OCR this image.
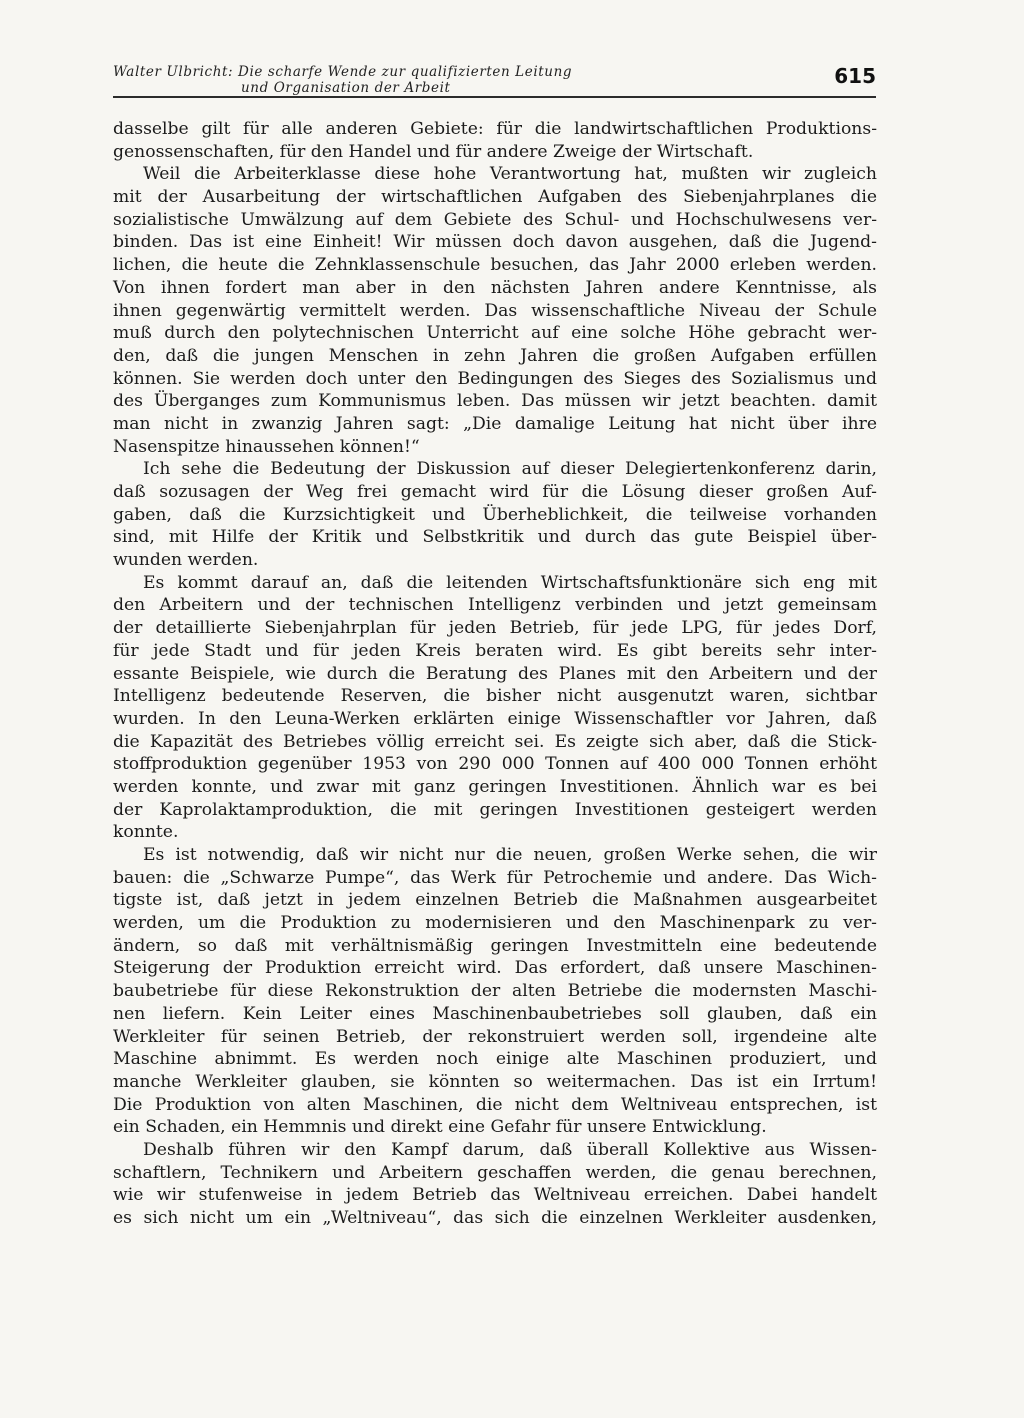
Walter Ulbricht: Die scharfe Wende zur qualifizierten Leitung
und Organisation der Arbeit	615
dasselbe gilt für alle anderen Gebiete: für die landwirtschaftlichen Produktions-
genossenschaften, für den Handel und für andere Zweige der Wirtschaft.
Weil die Arbeiterklasse diese hohe Verantwortung hat, mußten wir zugleich
mit der Ausarbeitung der wirtschaftlichen Aufgaben des Siebenjahrplanes die
sozialistische Umwälzung auf dem Gebiete des Schul- und Hochschulwesens ver-
binden. Das ist eine Einheit! Wir müssen doch davon ausgehen, daß die Jugend-
lichen, die heute die Zehnklassenschule besuchen, das Jahr 2000 erleben werden.
Von ihnen fordert man aber in den nächsten Jahren andere Kenntnisse, als
ihnen gegenwärtig vermittelt werden. Das wissenschaftliche Niveau der Schule
muß durch den polytechnischen Unterricht auf eine solche Höhe gebracht wer-
den, daß die jungen Menschen in zehn Jahren die großen Aufgaben erfüllen
können. Sie werden doch unter den Bedingungen des Sieges des Sozialismus und
des Überganges zum Kommunismus leben. Das müssen wir jetzt beachten. damit
man nicht in zwanzig Jahren sagt: „Die damalige Leitung hat nicht über ihre
Nasenspitze hinaussehen können!“
Ich sehe die Bedeutung der Diskussion auf dieser Delegiertenkonferenz darin,
daß sozusagen der Weg frei gemacht wird für die Lösung dieser großen Auf-
gaben, daß die Kurzsichtigkeit und Überheblichkeit, die teilweise vorhanden
sind, mit Hilfe der Kritik und Selbstkritik und durch das gute Beispiel über-
wunden werden.
Es kommt darauf an, daß die leitenden Wirtschaftsfunktionäre sich eng mit
den Arbeitern und der technischen Intelligenz verbinden und jetzt gemeinsam
der detaillierte Siebenjahrplan für jeden Betrieb, für jede LPG, für jedes Dorf,
für jede Stadt und für jeden Kreis beraten wird. Es gibt bereits sehr inter-
essante Beispiele, wie durch die Beratung des Planes mit den Arbeitern und der
Intelligenz bedeutende Reserven, die bisher nicht ausgenutzt waren, sichtbar
wurden. In den Leuna-Werken erklärten einige Wissenschaftler vor Jahren, daß
die Kapazität des Betriebes völlig erreicht sei. Es zeigte sich aber, daß die Stick-
stoffproduktion gegenüber 1953 von 290 000 Tonnen auf 400 000 Tonnen erhöht
werden konnte, und zwar mit ganz geringen Investitionen. Ähnlich war es bei
der Kaprolaktamproduktion, die mit geringen Investitionen gesteigert werden
konnte.
Es ist notwendig, daß wir nicht nur die neuen, großen Werke sehen, die wir
bauen: die „Schwarze Pumpe“, das Werk für Petrochemie und andere. Das Wich-
tigste ist, daß jetzt in jedem einzelnen Betrieb die Maßnahmen ausgearbeitet
werden, um die Produktion zu modernisieren und den Maschinenpark zu ver-
ändern, so daß mit verhältnismäßig geringen Investmitteln eine bedeutende
Steigerung der Produktion erreicht wird. Das erfordert, daß unsere Maschinen-
baubetriebe für diese Rekonstruktion der alten Betriebe die modernsten Maschi-
nen liefern. Kein Leiter eines Maschinenbaubetriebes soll glauben, daß ein
Werkleiter für seinen Betrieb, der rekonstruiert werden soll, irgendeine alte
Maschine abnimmt. Es werden noch einige alte Maschinen produziert, und
manche Werkleiter glauben, sie könnten so weitermachen. Das ist ein Irrtum!
Die Produktion von alten Maschinen, die nicht dem Weltniveau entsprechen, ist
ein Schaden, ein Hemmnis und direkt eine Gefahr für unsere Entwicklung.
Deshalb führen wir den Kampf darum, daß überall Kollektive aus Wissen-
schaftlern, Technikern und Arbeitern geschaffen werden, die genau berechnen,
wie wir stufenweise in jedem Betrieb das Weltniveau erreichen. Dabei handelt
es sich nicht um ein „Weltniveau“, das sich die einzelnen Werkleiter ausdenken,
